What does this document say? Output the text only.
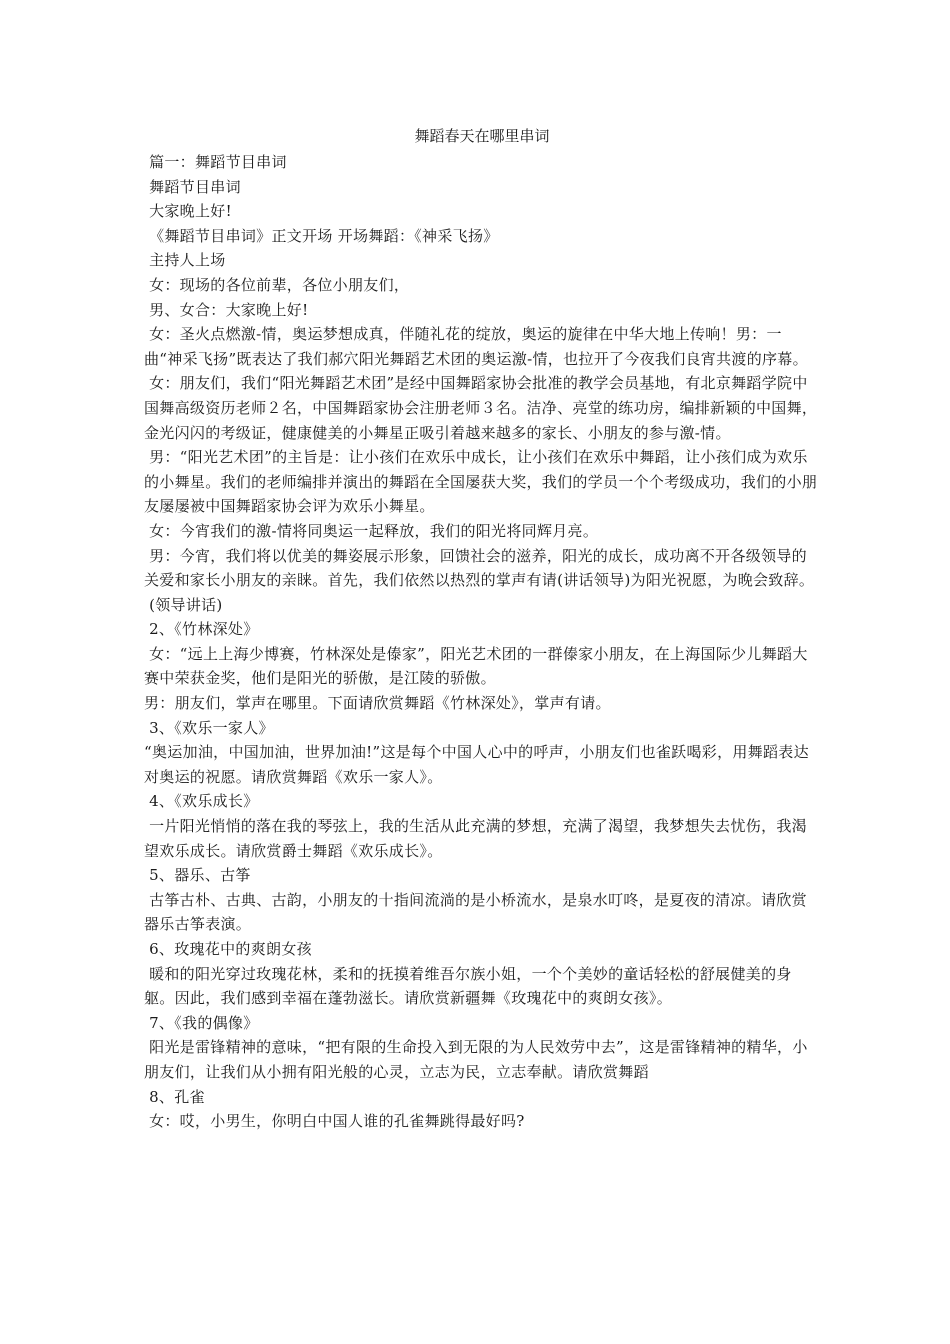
舞蹈春天在哪里串词

篇一：舞蹈节目串词

舞蹈节目串词

大家晚上好!

《舞蹈节目串词》正文开场 开场舞蹈：《神采飞扬》

主持人上场

女：现场的各位前辈，各位小朋友们，

男、女合：大家晚上好!

女：圣火点燃激-情，奥运梦想成真，伴随礼花的绽放，奥运的旋律在中华大地上传响！男：一曲“神采飞扬”既表达了我们郝穴阳光舞蹈艺术团的奥运激-情，也拉开了今夜我们良宵共渡的序幕。

女：朋友们，我们“阳光舞蹈艺术团”是经中国舞蹈家协会批准的教学会员基地，有北京舞蹈学院中国舞高级资历老师２名，中国舞蹈家协会注册老师３名。洁净、亮堂的练功房，编排新颖的中国舞，金光闪闪的考级证，健康健美的小舞星正吸引着越来越多的家长、小朋友的参与激-情。

男：“阳光艺术团”的主旨是：让小孩们在欢乐中成长，让小孩们在欢乐中舞蹈，让小孩们成为欢乐的小舞星。我们的老师编排并演出的舞蹈在全国屡获大奖，我们的学员一个个考级成功，我们的小朋友屡屡被中国舞蹈家协会评为欢乐小舞星。

女：今宵我们的激-情将同奥运一起释放，我们的阳光将同辉月亮。

男：今宵，我们将以优美的舞姿展示形象，回馈社会的滋养，阳光的成长，成功离不开各级领导的关爱和家长小朋友的亲睐。首先，我们依然以热烈的掌声有请(讲话领导)为阳光祝愿，为晚会致辞。

(领导讲话)

2、《竹林深处》

女：“远上上海少博赛，竹林深处是傣家”，阳光艺术团的一群傣家小朋友，在上海国际少儿舞蹈大赛中荣获金奖，他们是阳光的骄傲，是江陵的骄傲。

男：朋友们，掌声在哪里。下面请欣赏舞蹈《竹林深处》，掌声有请。

3、《欢乐一家人》

“奥运加油，中国加油，世界加油!”这是每个中国人心中的呼声，小朋友们也雀跃喝彩，用舞蹈表达对奥运的祝愿。请欣赏舞蹈《欢乐一家人》。

4、《欢乐成长》

一片阳光悄悄的落在我的琴弦上，我的生活从此充满的梦想，充满了渴望，我梦想失去忧伤，我渴望欢乐成长。请欣赏爵士舞蹈《欢乐成长》。

5、器乐、古筝

古筝古朴、古典、古韵，小朋友的十指间流淌的是小桥流水，是泉水叮咚，是夏夜的清凉。请欣赏器乐古筝表演。

6、玫瑰花中的爽朗女孩

暖和的阳光穿过玫瑰花林，柔和的抚摸着维吾尔族小姐，一个个美妙的童话轻松的舒展健美的身躯。因此，我们感到幸福在蓬勃滋长。请欣赏新疆舞《玫瑰花中的爽朗女孩》。

7、《我的偶像》

阳光是雷锋精神的意味，“把有限的生命投入到无限的为人民效劳中去”，这是雷锋精神的精华，小朋友们，让我们从小拥有阳光般的心灵，立志为民，立志奉献。请欣赏舞蹈

8、孔雀

女：哎，小男生，你明白中国人谁的孔雀舞跳得最好吗?
